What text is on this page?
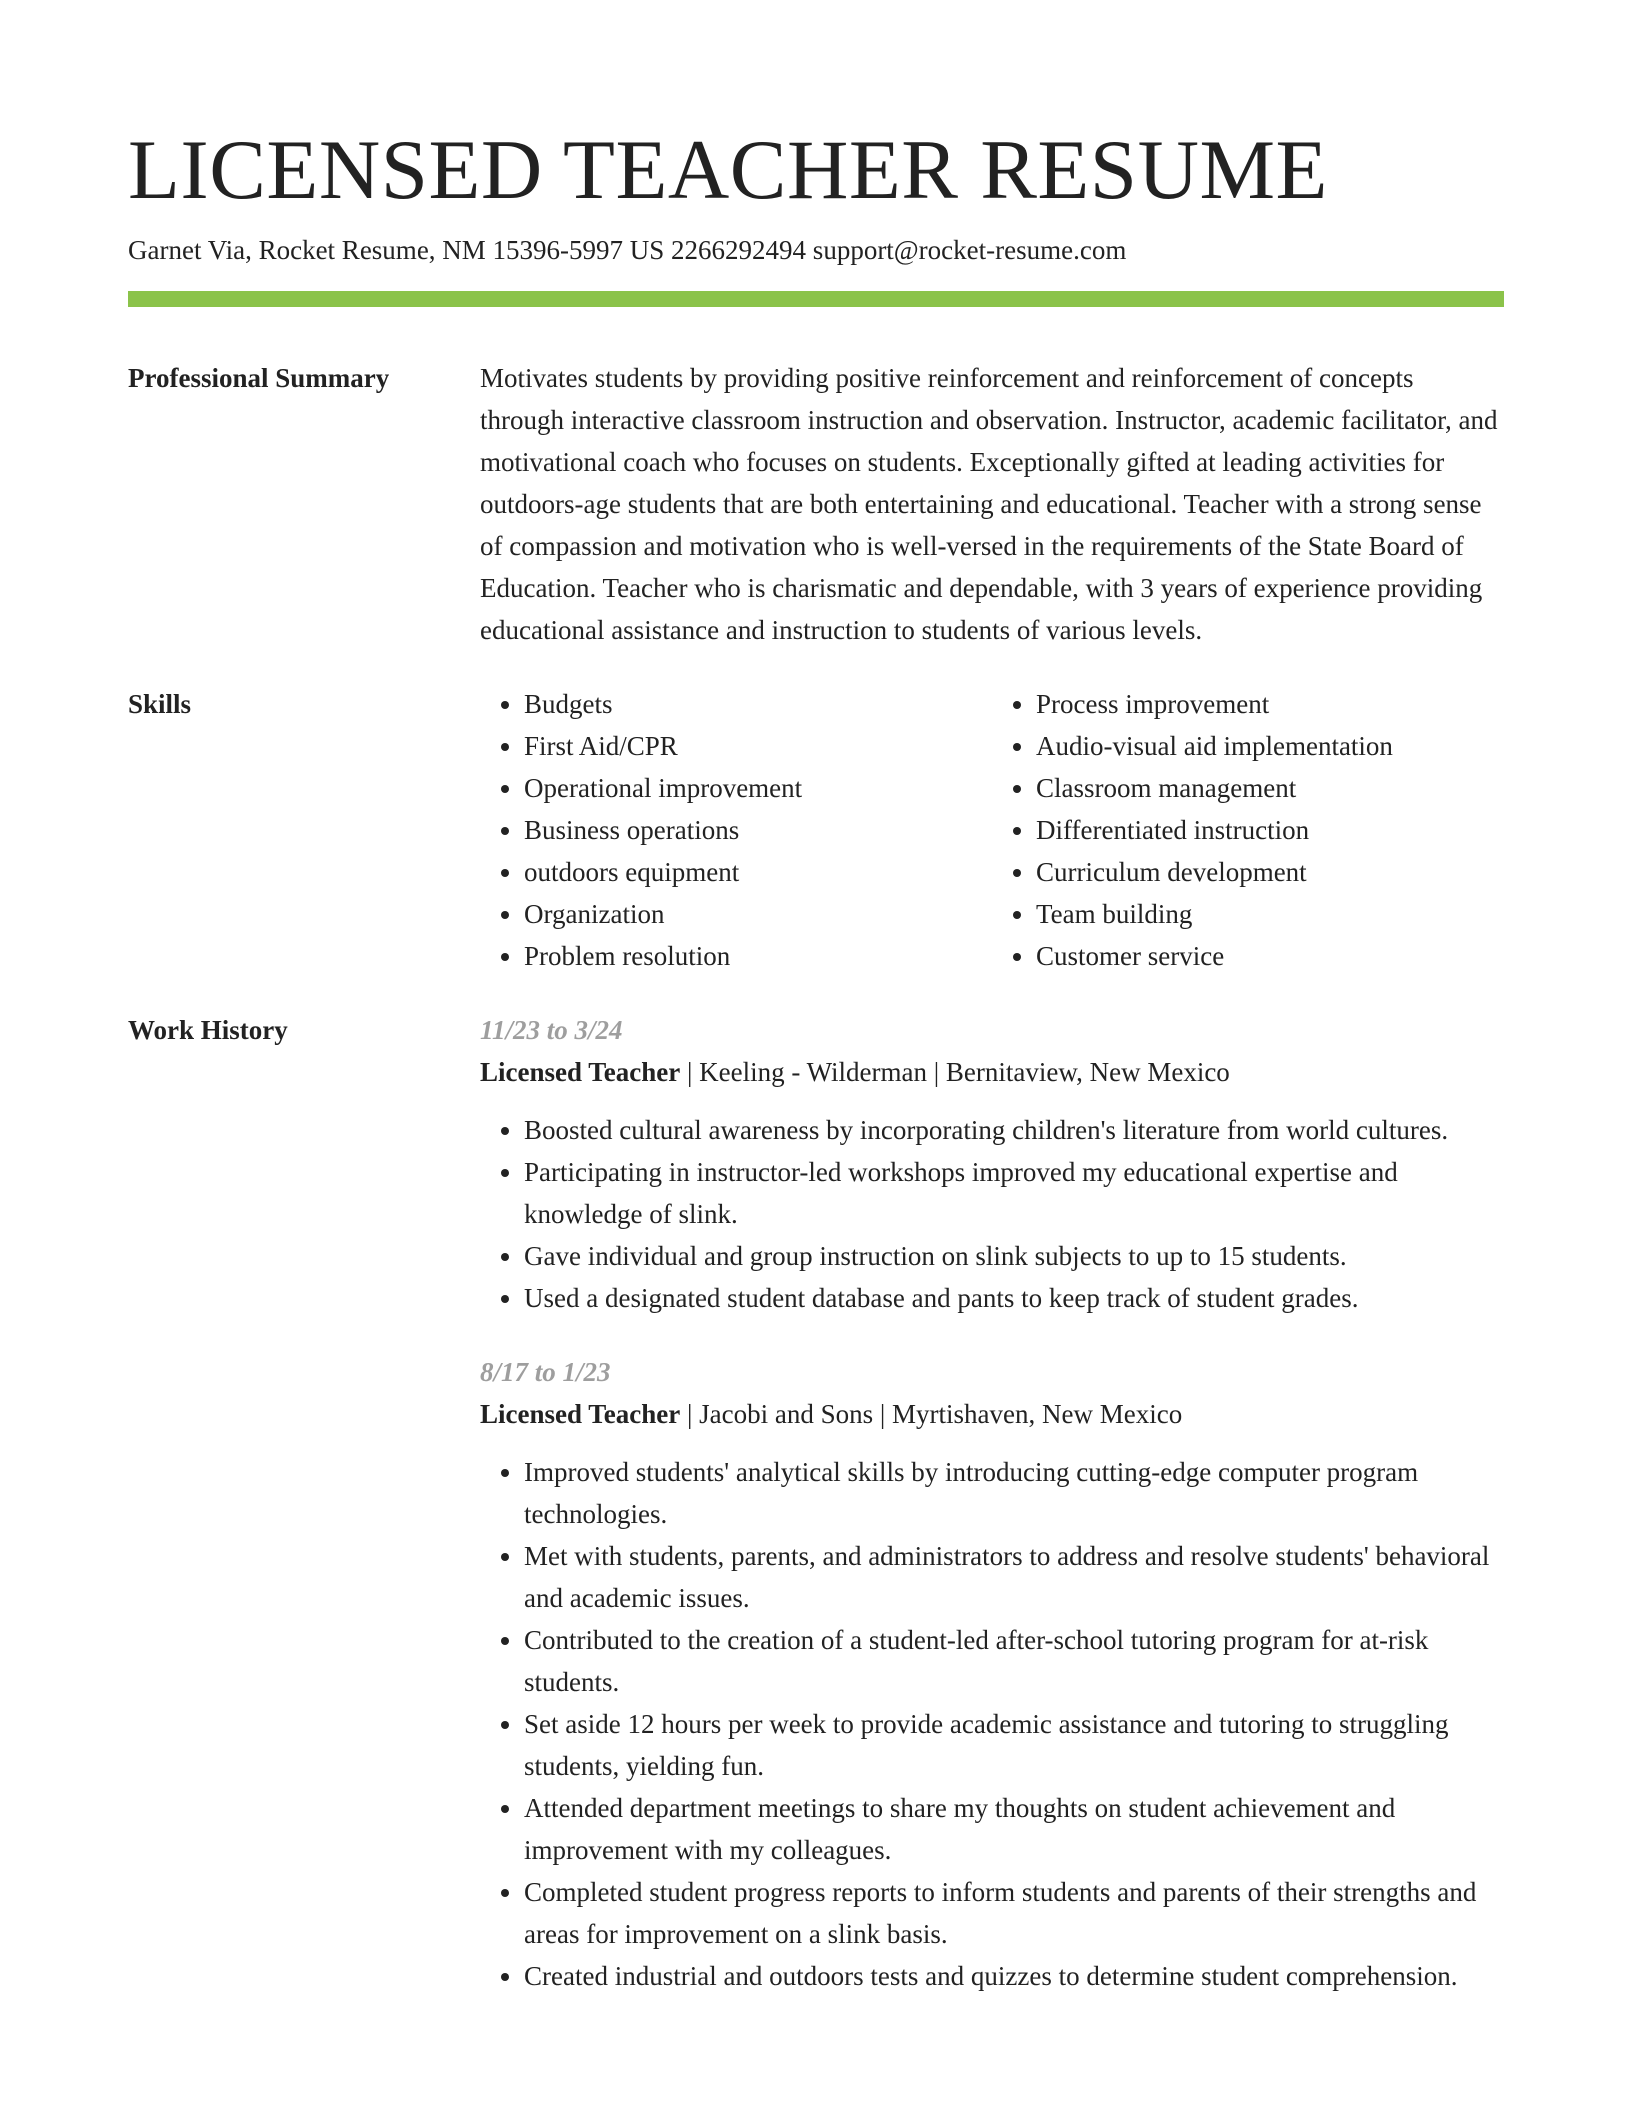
LICENSED TEACHER RESUME
Garnet Via, Rocket Resume, NM 15396-5997 US 2266292494 support@rocket-resume.com
Professional Summary	Motivates students by providing positive reinforcement and reinforcement of concepts through interactive classroom instruction and observation. Instructor, academic facilitator, and motivational coach who focuses on students. Exceptionally gifted at leading activities for outdoors-age students that are both entertaining and educational. Teacher with a strong sense of compassion and motivation who is well-versed in the requirements of the State Board of Education. Teacher who is charismatic and dependable, with 3 years of experience providing educational assistance and instruction to students of various levels.
Skills
•	Budgets
• First Aid/CPR
• Operational improvement
• Business operations
• outdoors equipment
• Organization
• Problem resolution
• Process improvement
• Audio-visual aid implementation
• Classroom management
• Differentiated instruction
• Curriculum development
• Team building
• Customer service
Work History	11/23 to 3/24
Licensed Teacher | Keeling - Wilderman | Bernitaview, New Mexico
• Boosted cultural awareness by incorporating children's literature from world cultures.
• Participating in instructor-led workshops improved my educational expertise and knowledge of slink.
• Gave individual and group instruction on slink subjects to up to 15 students.
• Used a designated student database and pants to keep track of student grades.
8/17 to 1/23
Licensed Teacher | Jacobi and Sons | Myrtishaven, New Mexico
• Improved students' analytical skills by introducing cutting-edge computer program technologies.
• Met with students, parents, and administrators to address and resolve students' behavioral and academic issues.
• Contributed to the creation of a student-led after-school tutoring program for at-risk students.
• Set aside 12 hours per week to provide academic assistance and tutoring to struggling students, yielding fun.
• Attended department meetings to share my thoughts on student achievement and improvement with my colleagues.
• Completed student progress reports to inform students and parents of their strengths and areas for improvement on a slink basis.
• Created industrial and outdoors tests and quizzes to determine student comprehension.
